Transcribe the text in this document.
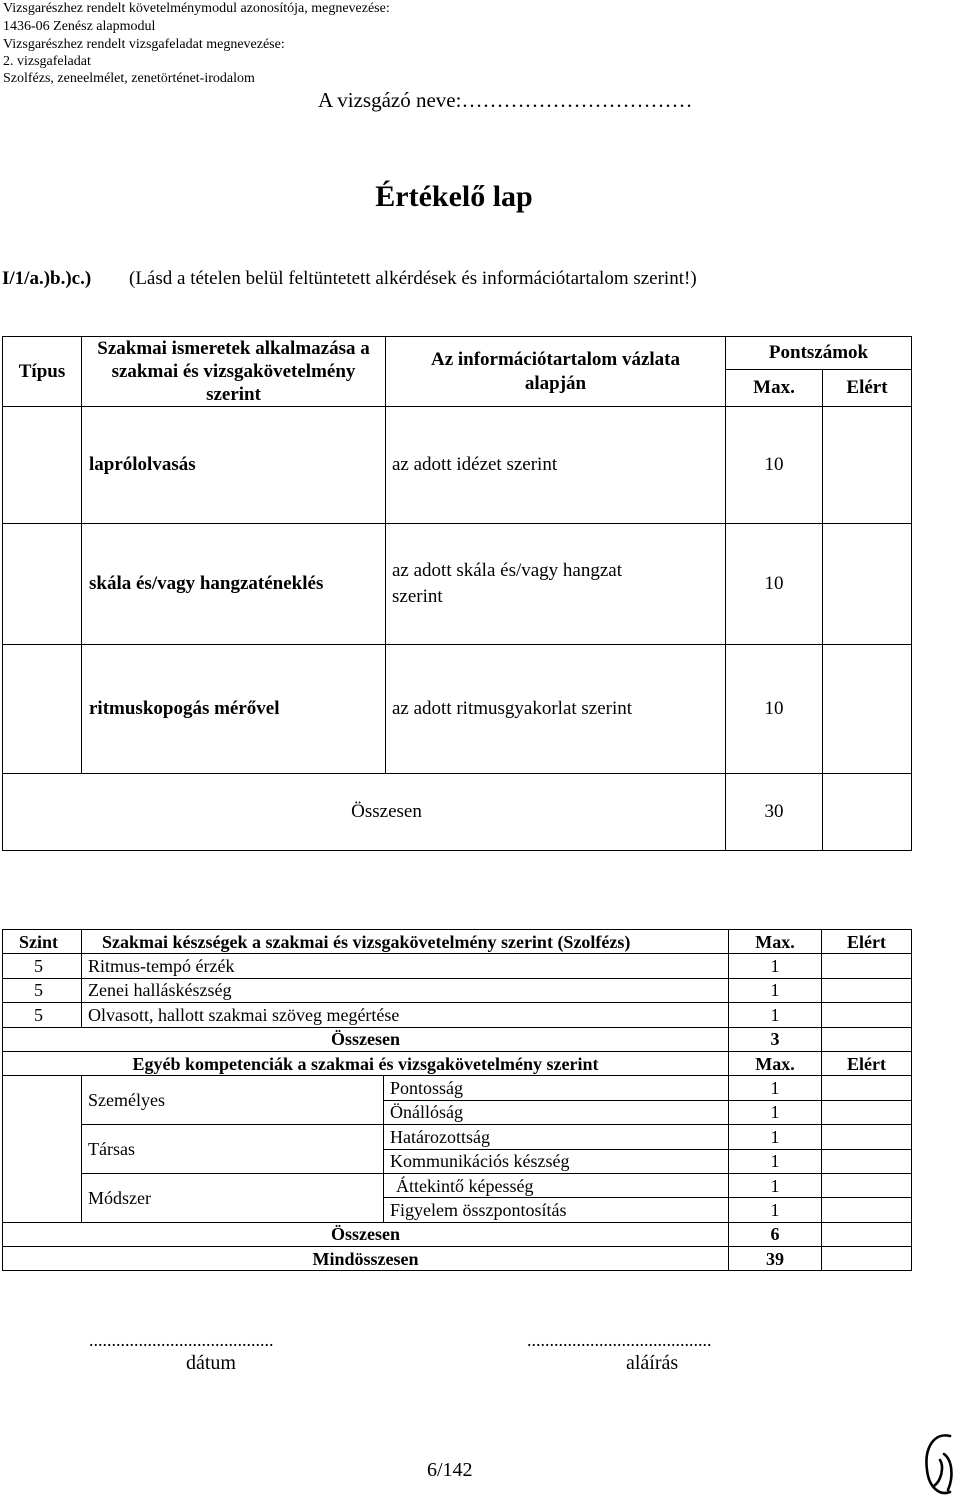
Vizsgarészhez rendelt követelménymodul azonosítója, megnevezése:
1436-06 Zenész alapmodul
Vizsgarészhez rendelt vizsgafeladat megnevezése:
2. vizsgafeladat
Szolfézs, zeneelmélet, zenetörténet-irodalom
A vizsgázó neve:……………………………
Értékelő lap
I/1/a.)b.)c.) (Lásd a tételen belül feltüntetett alkérdések és információtartalom szerint!)
Típus	Szakmai ismeretek alkalmazása a szakmai és vizsgakövetelmény szerint	Az információtartalom vázlata alapján	Pontszámok	
			Max.	Elért
	laprólolvasás	az adott idézet szerint	10	
	skála és/vagy hangzaténeklés	az adott skála és/vagy hangzat szerint	10	
	ritmuskopogás mérővel	az adott ritmusgyakorlat szerint	10	
Összesen			30	
Szint	Szakmai készségek a szakmai és vizsgakövetelmény szerint (Szolfézs)		Max.	Elért
5	Ritmus-tempó érzék		1	
5	Zenei halláskészség		1	
5	Olvasott, hallott szakmai szöveg megértése		1	
Összesen			3	
Egyéb kompetenciák a szakmai és vizsgakövetelmény szerint			Max.	Elért
	Személyes	Pontosság	1	
		Önállóság	1	
	Társas	Határozottság	1	
		Kommunikációs készség	1	
	Módszer	Áttekintő képesség	1	
		Figyelem összpontosítás	1	
Összesen			6	
Mindösszesen			39	
.........................................
dátum
.........................................
aláírás
6/142
